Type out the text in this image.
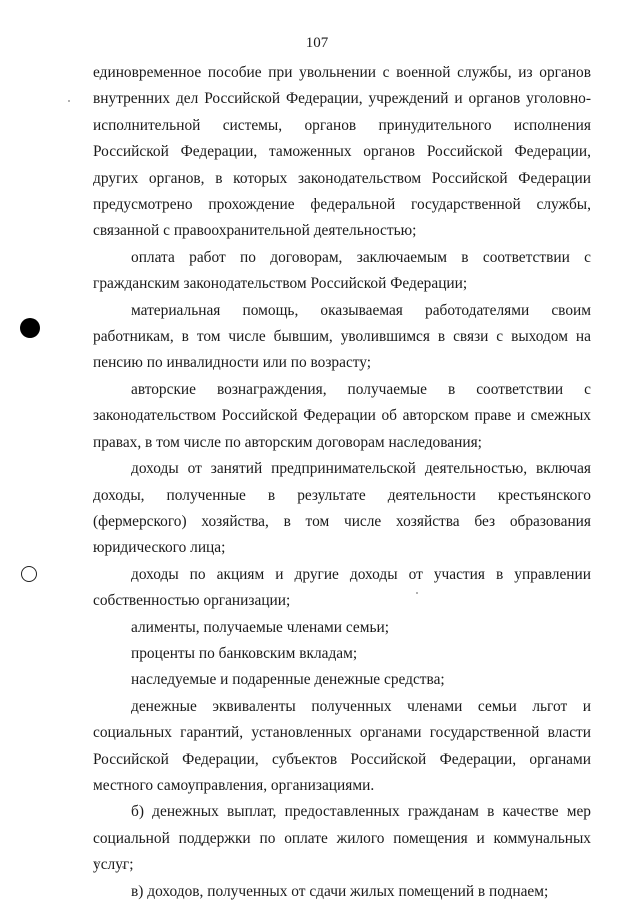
107

единовременное пособие при увольнении с военной службы, из органов внутренних дел Российской Федерации, учреждений и органов уголовно-исполнительной системы, органов принудительного исполнения Российской Федерации, таможенных органов Российской Федерации, других органов, в которых законодательством Российской Федерации предусмотрено прохождение федеральной государственной службы, связанной с правоохранительной деятельностью;

оплата работ по договорам, заключаемым в соответствии с гражданским законодательством Российской Федерации;

материальная помощь, оказываемая работодателями своим работникам, в том числе бывшим, уволившимся в связи с выходом на пенсию по инвалидности или по возрасту;

авторские вознаграждения, получаемые в соответствии с законодательством Российской Федерации об авторском праве и смежных правах, в том числе по авторским договорам наследования;

доходы от занятий предпринимательской деятельностью, включая доходы, полученные в результате деятельности крестьянского (фермерского) хозяйства, в том числе хозяйства без образования юридического лица;

доходы по акциям и другие доходы от участия в управлении собственностью организации;

алименты, получаемые членами семьи;

проценты по банковским вкладам;

наследуемые и подаренные денежные средства;

денежные эквиваленты полученных членами семьи льгот и социальных гарантий, установленных органами государственной власти Российской Федерации, субъектов Российской Федерации, органами местного самоуправления, организациями.

б) денежных выплат, предоставленных гражданам в качестве мер социальной поддержки по оплате жилого помещения и коммунальных услуг;

в) доходов, полученных от сдачи жилых помещений в поднаем;
